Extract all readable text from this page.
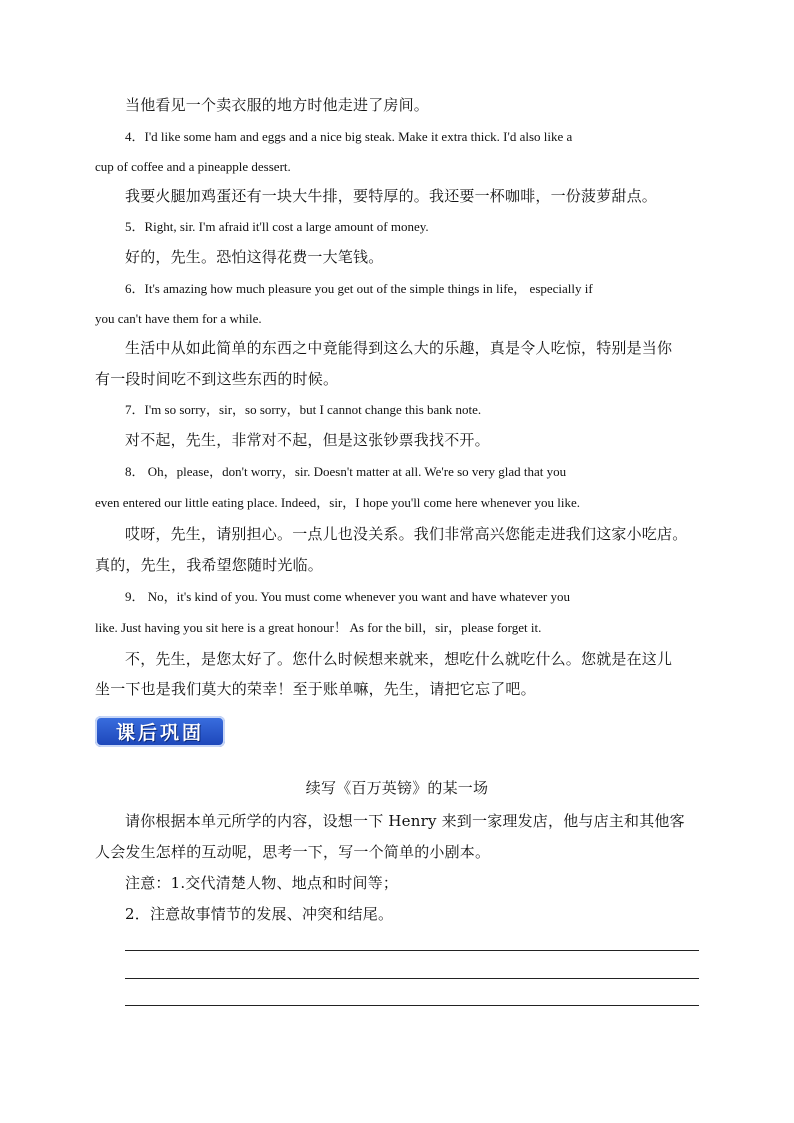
当他看见一个卖衣服的地方时他走进了房间。
4．I'd like some ham and eggs and a nice big steak. Make it extra thick. I'd also like a
cup of coffee and a pineapple dessert.
我要火腿加鸡蛋还有一块大牛排，要特厚的。我还要一杯咖啡，一份菠萝甜点。
5．Right, sir. I'm afraid it'll cost a large amount of money.
好的，先生。恐怕这得花费一大笔钱。
6．It's amazing how much pleasure you get out of the simple things in life， especially if
you can't have them for a while.
生活中从如此简单的东西之中竟能得到这么大的乐趣，真是令人吃惊，特别是当你
有一段时间吃不到这些东西的时候。
7．I'm so sorry，sir，so sorry，but I cannot change this bank note.
对不起，先生，非常对不起，但是这张钞票我找不开。
8． Oh，please，don't worry，sir. Doesn't matter at all. We're so very glad that you
even entered our little eating place. Indeed，sir，I hope you'll come here whenever you like.
哎呀，先生，请别担心。一点儿也没关系。我们非常高兴您能走进我们这家小吃店。
真的，先生，我希望您随时光临。
9． No，it's kind of you. You must come whenever you want and have whatever you
like. Just having you sit here is a great honour！ As for the bill，sir，please forget it.
不，先生，是您太好了。您什么时候想来就来，想吃什么就吃什么。您就是在这儿
坐一下也是我们莫大的荣幸！至于账单嘛，先生，请把它忘了吧。
课后巩固
续写《百万英镑》的某一场
请你根据本单元所学的内容，设想一下 Henry 来到一家理发店，他与店主和其他客
人会发生怎样的互动呢，思考一下，写一个简单的小剧本。
注意：1.交代清楚人物、地点和时间等；
2．注意故事情节的发展、冲突和结尾。
